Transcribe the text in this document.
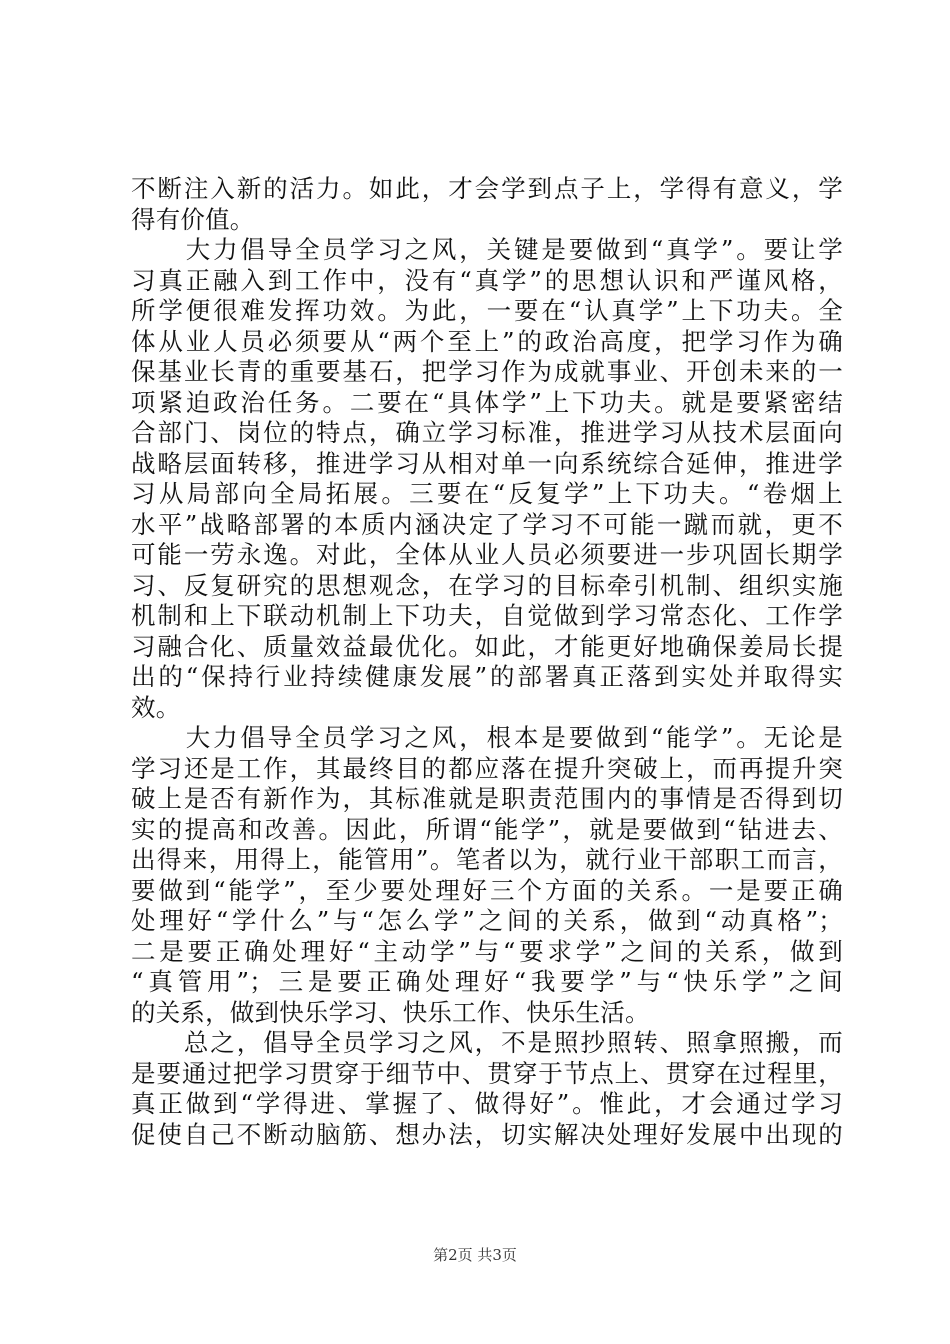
不断注入新的活力。如此，才会学到点子上，学得有意义，学
得有价值。
　　大力倡导全员学习之风，关键是要做到“真学”。要让学
习真正融入到工作中，没有“真学”的思想认识和严谨风格，
所学便很难发挥功效。为此，一要在“认真学”上下功夫。全
体从业人员必须要从“两个至上”的政治高度，把学习作为确
保基业长青的重要基石，把学习作为成就事业、开创未来的一
项紧迫政治任务。二要在“具体学”上下功夫。就是要紧密结
合部门、岗位的特点，确立学习标准，推进学习从技术层面向
战略层面转移，推进学习从相对单一向系统综合延伸，推进学
习从局部向全局拓展。三要在“反复学”上下功夫。“卷烟上
水平”战略部署的本质内涵决定了学习不可能一蹴而就，更不
可能一劳永逸。对此，全体从业人员必须要进一步巩固长期学
习、反复研究的思想观念，在学习的目标牵引机制、组织实施
机制和上下联动机制上下功夫，自觉做到学习常态化、工作学
习融合化、质量效益最优化。如此，才能更好地确保姜局长提
出的“保持行业持续健康发展”的部署真正落到实处并取得实
效。
　　大力倡导全员学习之风，根本是要做到“能学”。无论是
学习还是工作，其最终目的都应落在提升突破上，而再提升突
破上是否有新作为，其标准就是职责范围内的事情是否得到切
实的提高和改善。因此，所谓“能学”，就是要做到“钻进去、
出得来，用得上，能管用”。笔者以为，就行业干部职工而言，
要做到“能学”，至少要处理好三个方面的关系。一是要正确
处理好“学什么”与“怎么学”之间的关系，做到“动真格”；
二是要正确处理好“主动学”与“要求学”之间的关系，做到
“真管用”；三是要正确处理好“我要学”与“快乐学”之间
的关系，做到快乐学习、快乐工作、快乐生活。
　　总之，倡导全员学习之风，不是照抄照转、照拿照搬，而
是要通过把学习贯穿于细节中、贯穿于节点上、贯穿在过程里，
真正做到“学得进、掌握了、做得好”。惟此，才会通过学习
促使自己不断动脑筋、想办法，切实解决处理好发展中出现的
第2页 共3页
